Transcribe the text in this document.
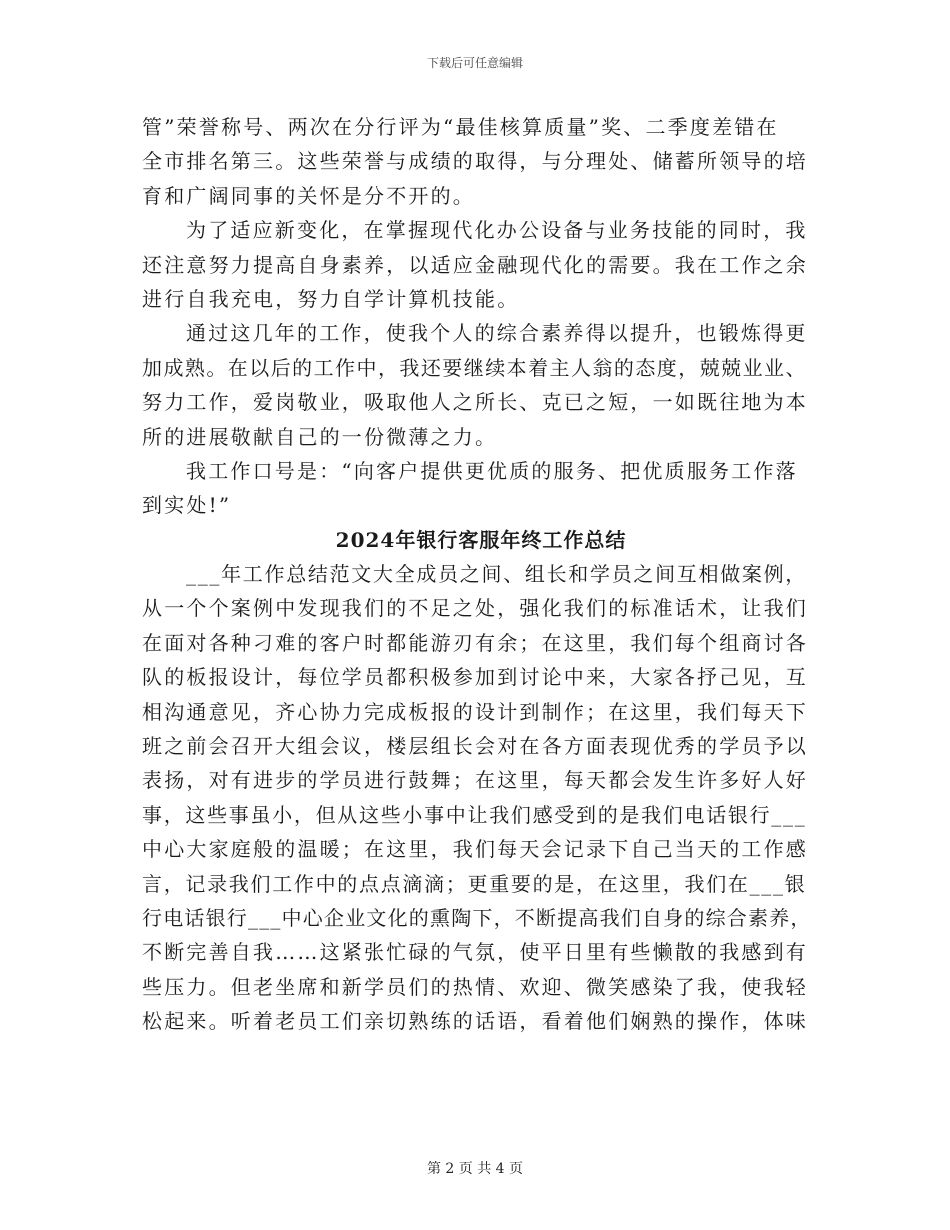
下载后可任意编辑
管”荣誉称号、两次在分行评为“最佳核算质量”奖、二季度差错在
全市排名第三。这些荣誉与成绩的取得，与分理处、储蓄所领导的培
育和广阔同事的关怀是分不开的。
为了适应新变化，在掌握现代化办公设备与业务技能的同时，我
还注意努力提高自身素养，以适应金融现代化的需要。我在工作之余
进行自我充电，努力自学计算机技能。
通过这几年的工作，使我个人的综合素养得以提升，也锻炼得更
加成熟。在以后的工作中，我还要继续本着主人翁的态度，兢兢业业、
努力工作，爱岗敬业，吸取他人之所长、克已之短，一如既往地为本
所的进展敬献自己的一份微薄之力。
我工作口号是：“向客户提供更优质的服务、把优质服务工作落
到实处!”
2024年银行客服年终工作总结
___年工作总结范文大全成员之间、组长和学员之间互相做案例，
从一个个案例中发现我们的不足之处，强化我们的标准话术，让我们
在面对各种刁难的客户时都能游刃有余；在这里，我们每个组商讨各
队的板报设计，每位学员都积极参加到讨论中来，大家各抒己见，互
相沟通意见，齐心协力完成板报的设计到制作；在这里，我们每天下
班之前会召开大组会议，楼层组长会对在各方面表现优秀的学员予以
表扬，对有进步的学员进行鼓舞；在这里，每天都会发生许多好人好
事，这些事虽小，但从这些小事中让我们感受到的是我们电话银行___
中心大家庭般的温暖；在这里，我们每天会记录下自己当天的工作感
言，记录我们工作中的点点滴滴；更重要的是，在这里，我们在___银
行电话银行___中心企业文化的熏陶下，不断提高我们自身的综合素养，
不断完善自我……这紧张忙碌的气氛，使平日里有些懒散的我感到有
些压力。但老坐席和新学员们的热情、欢迎、微笑感染了我，使我轻
松起来。听着老员工们亲切熟练的话语，看着他们娴熟的操作，体味
第 2 页 共 4 页
